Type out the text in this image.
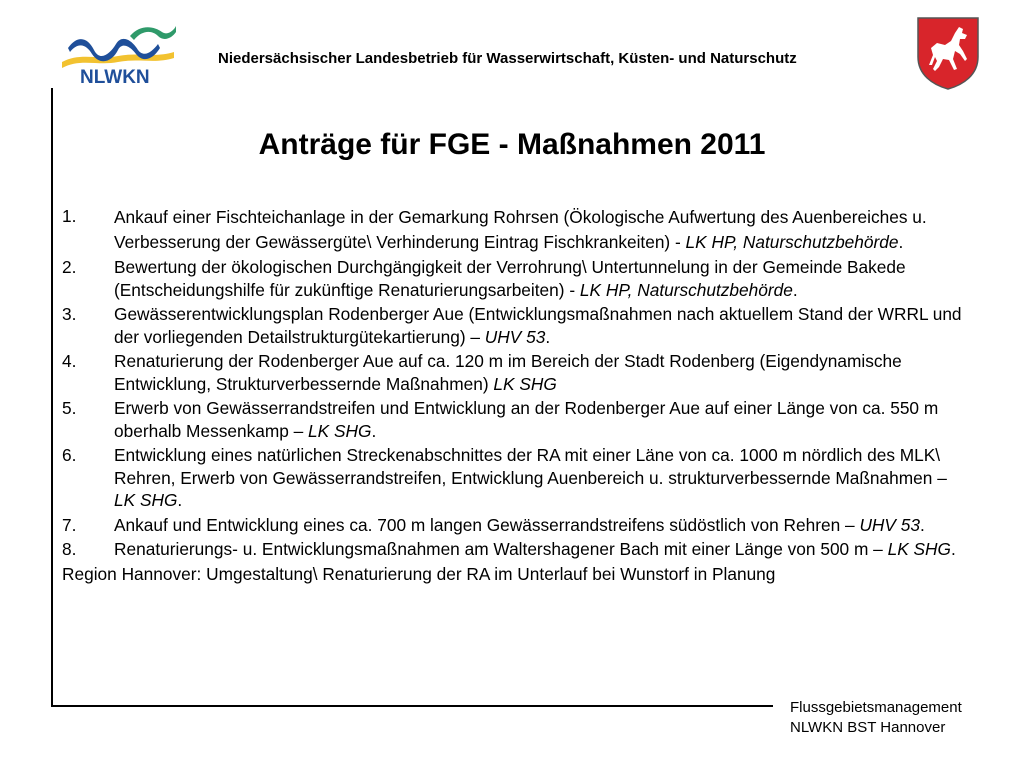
NLWKN
Niedersächsischer Landesbetrieb für Wasserwirtschaft, Küsten- und Naturschutz
Anträge für FGE - Maßnahmen 2011
1. Ankauf einer Fischteichanlage in der Gemarkung Rohrsen (Ökologische Aufwertung des Auenbereiches u. Verbesserung der Gewässergüte\ Verhinderung Eintrag Fischkrankeiten) - LK HP, Naturschutzbehörde.
2. Bewertung der ökologischen Durchgängigkeit der Verrohrung\ Untertunnelung in der Gemeinde Bakede (Entscheidungshilfe für zukünftige Renaturierungsarbeiten) - LK HP, Naturschutzbehörde.
3. Gewässerentwicklungsplan Rodenberger Aue (Entwicklungsmaßnahmen nach aktuellem Stand der WRRL und der vorliegenden Detailstrukturgütekartierung) – UHV 53.
4. Renaturierung der Rodenberger Aue auf ca. 120 m im Bereich der Stadt Rodenberg (Eigendynamische Entwicklung, Strukturverbessernde Maßnahmen) LK SHG
5. Erwerb von Gewässerrandstreifen und Entwicklung an der Rodenberger Aue auf einer Länge von ca. 550 m oberhalb Messenkamp – LK SHG.
6. Entwicklung eines natürlichen Streckenabschnittes der RA mit einer Läne von ca. 1000 m nördlich des MLK\ Rehren, Erwerb von Gewässerrandstreifen, Entwicklung Auenbereich u. strukturverbessernde Maßnahmen – LK SHG.
7. Ankauf und Entwicklung eines ca. 700 m langen Gewässerrandstreifens südöstlich von Rehren – UHV 53.
8. Renaturierungs- u. Entwicklungsmaßnahmen am Waltershagener Bach mit einer Länge von 500 m – LK SHG.
Region Hannover: Umgestaltung\ Renaturierung der RA im Unterlauf bei Wunstorf in Planung
Flussgebietsmanagement
NLWKN BST Hannover
